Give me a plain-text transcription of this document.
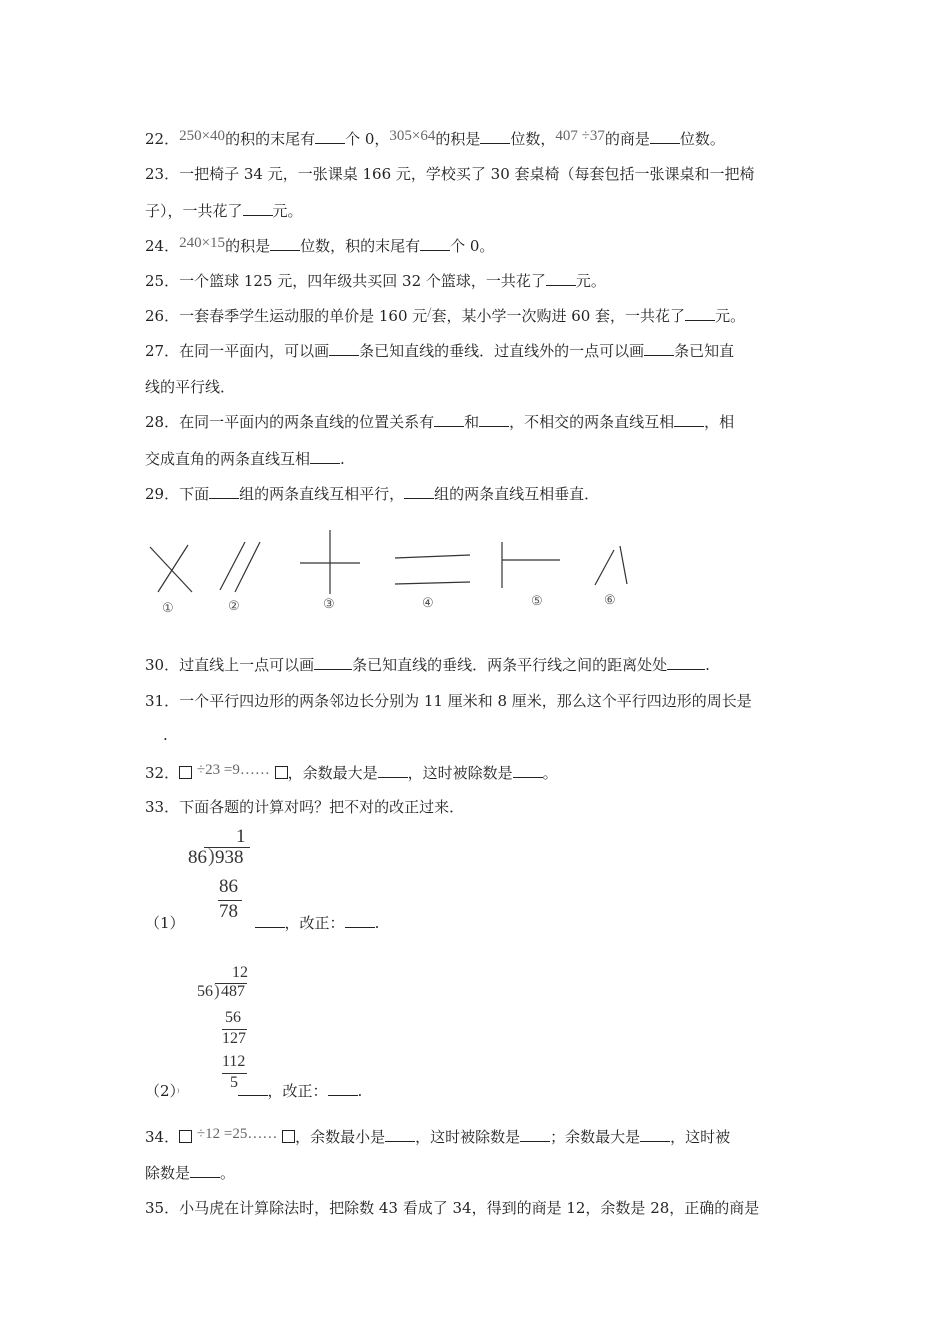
22．250×40的积的末尾有 个 0，305×64的积是 位数，407 ÷37的商是 位数。
23．一把椅子 34 元，一张课桌 166 元，学校买了 30 套桌椅（每套包括一张课桌和一把椅
子），一共花了 元。
24．240×15的积是 位数，积的末尾有 个 0。
25．一个篮球 125 元，四年级共买回 32 个篮球，一共花了 元。
26．一套春季学生运动服的单价是 160 元/套，某小学一次购进 60 套，一共花了 元。
27．在同一平面内，可以画 条已知直线的垂线．过直线外的一点可以画 条已知直
线的平行线．
28．在同一平面内的两条直线的位置关系有 和 ，不相交的两条直线互相 ，相
交成直角的两条直线互相 .
29．下面 组的两条直线互相平行， 组的两条直线互相垂直．
①	②	③	④	⑤	⑥
30．过直线上一点可以画	条已知直线的垂线．两条平行线之间的距离处处	.
31．一个平行四边形的两条邻边长分别为 11 厘米和 8 厘米，那么这个平行四边形的周长是
.
32． ÷23 =9…… ，余数最大是 ，这时被除数是 。
33．下面各题的计算对吗？把不对的改正过来．
1
86 ) 938
86
78
（1）	，改正： .
12
56 ) 487
56
127
112
5
（2）⁾	，改正： .
34． ÷12 =25…… ，余数最小是 ，这时被除数是 ；余数最大是 ，这时被
除数是 。
35．小马虎在计算除法时，把除数 43 看成了 34，得到的商是 12，余数是 28，正确的商是
